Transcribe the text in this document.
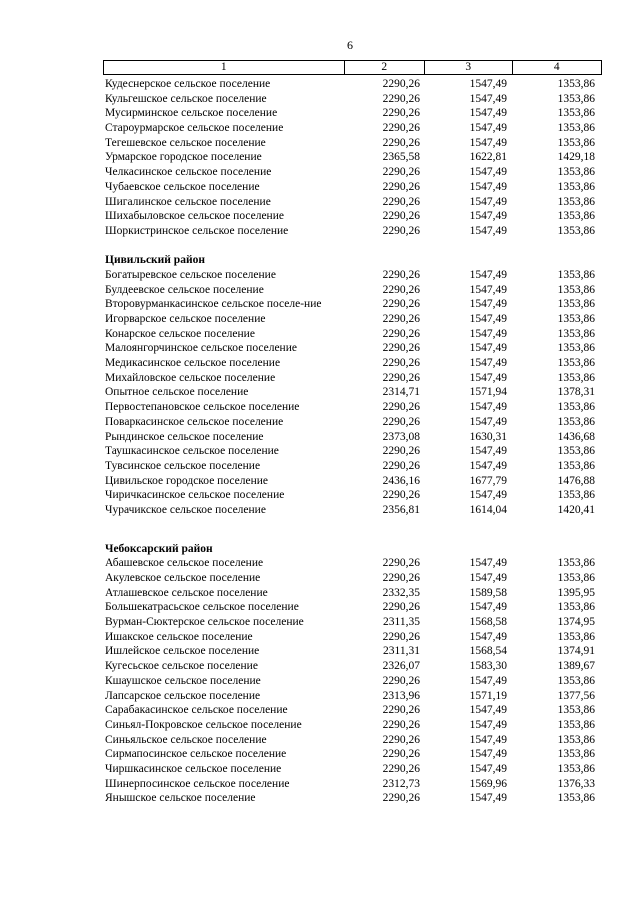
6
1	2	3	4
Кудеснерское сельское поселение	2290,26	1547,49	1353,86
Кульгешское сельское поселение	2290,26	1547,49	1353,86
Мусирминское сельское поселение	2290,26	1547,49	1353,86
Староурмарское сельское поселение	2290,26	1547,49	1353,86
Тегешевское сельское поселение	2290,26	1547,49	1353,86
Урмарское городское поселение	2365,58	1622,81	1429,18
Челкасинское сельское поселение	2290,26	1547,49	1353,86
Чубаевское сельское поселение	2290,26	1547,49	1353,86
Шигалинское сельское поселение	2290,26	1547,49	1353,86
Шихабыловское сельское поселение	2290,26	1547,49	1353,86
Шоркистринское сельское поселение	2290,26	1547,49	1353,86
Цивильский район
Богатыревское сельское поселение	2290,26	1547,49	1353,86
Булдеевское сельское поселение	2290,26	1547,49	1353,86
Второвурманкасинское сельское поселе-ние	2290,26	1547,49	1353,86
Игорварское сельское поселение	2290,26	1547,49	1353,86
Конарское сельское поселение	2290,26	1547,49	1353,86
Малоянгорчинское сельское поселение	2290,26	1547,49	1353,86
Медикасинское сельское поселение	2290,26	1547,49	1353,86
Михайловское сельское поселение	2290,26	1547,49	1353,86
Опытное сельское поселение	2314,71	1571,94	1378,31
Первостепановское сельское поселение	2290,26	1547,49	1353,86
Поваркасинское сельское поселение	2290,26	1547,49	1353,86
Рындинское сельское поселение	2373,08	1630,31	1436,68
Таушкасинское сельское поселение	2290,26	1547,49	1353,86
Тувсинское сельское поселение	2290,26	1547,49	1353,86
Цивильское городское поселение	2436,16	1677,79	1476,88
Чиричкасинское сельское поселение	2290,26	1547,49	1353,86
Чурачикское сельское поселение	2356,81	1614,04	1420,41
Чебоксарский район
Абашевское сельское поселение	2290,26	1547,49	1353,86
Акулевское сельское поселение	2290,26	1547,49	1353,86
Атлашевское сельское поселение	2332,35	1589,58	1395,95
Большекатрасьское сельское поселение	2290,26	1547,49	1353,86
Вурман-Сюктерское сельское поселение	2311,35	1568,58	1374,95
Ишакское сельское поселение	2290,26	1547,49	1353,86
Ишлейское сельское поселение	2311,31	1568,54	1374,91
Кугесьское сельское поселение	2326,07	1583,30	1389,67
Кшаушское сельское поселение	2290,26	1547,49	1353,86
Лапсарское сельское поселение	2313,96	1571,19	1377,56
Сарабакасинское сельское поселение	2290,26	1547,49	1353,86
Синьял-Покровское сельское поселение	2290,26	1547,49	1353,86
Синьяльское сельское поселение	2290,26	1547,49	1353,86
Сирмапосинское сельское поселение	2290,26	1547,49	1353,86
Чиршкасинское сельское поселение	2290,26	1547,49	1353,86
Шинерпосинское сельское поселение	2312,73	1569,96	1376,33
Янышское сельское поселение	2290,26	1547,49	1353,86
